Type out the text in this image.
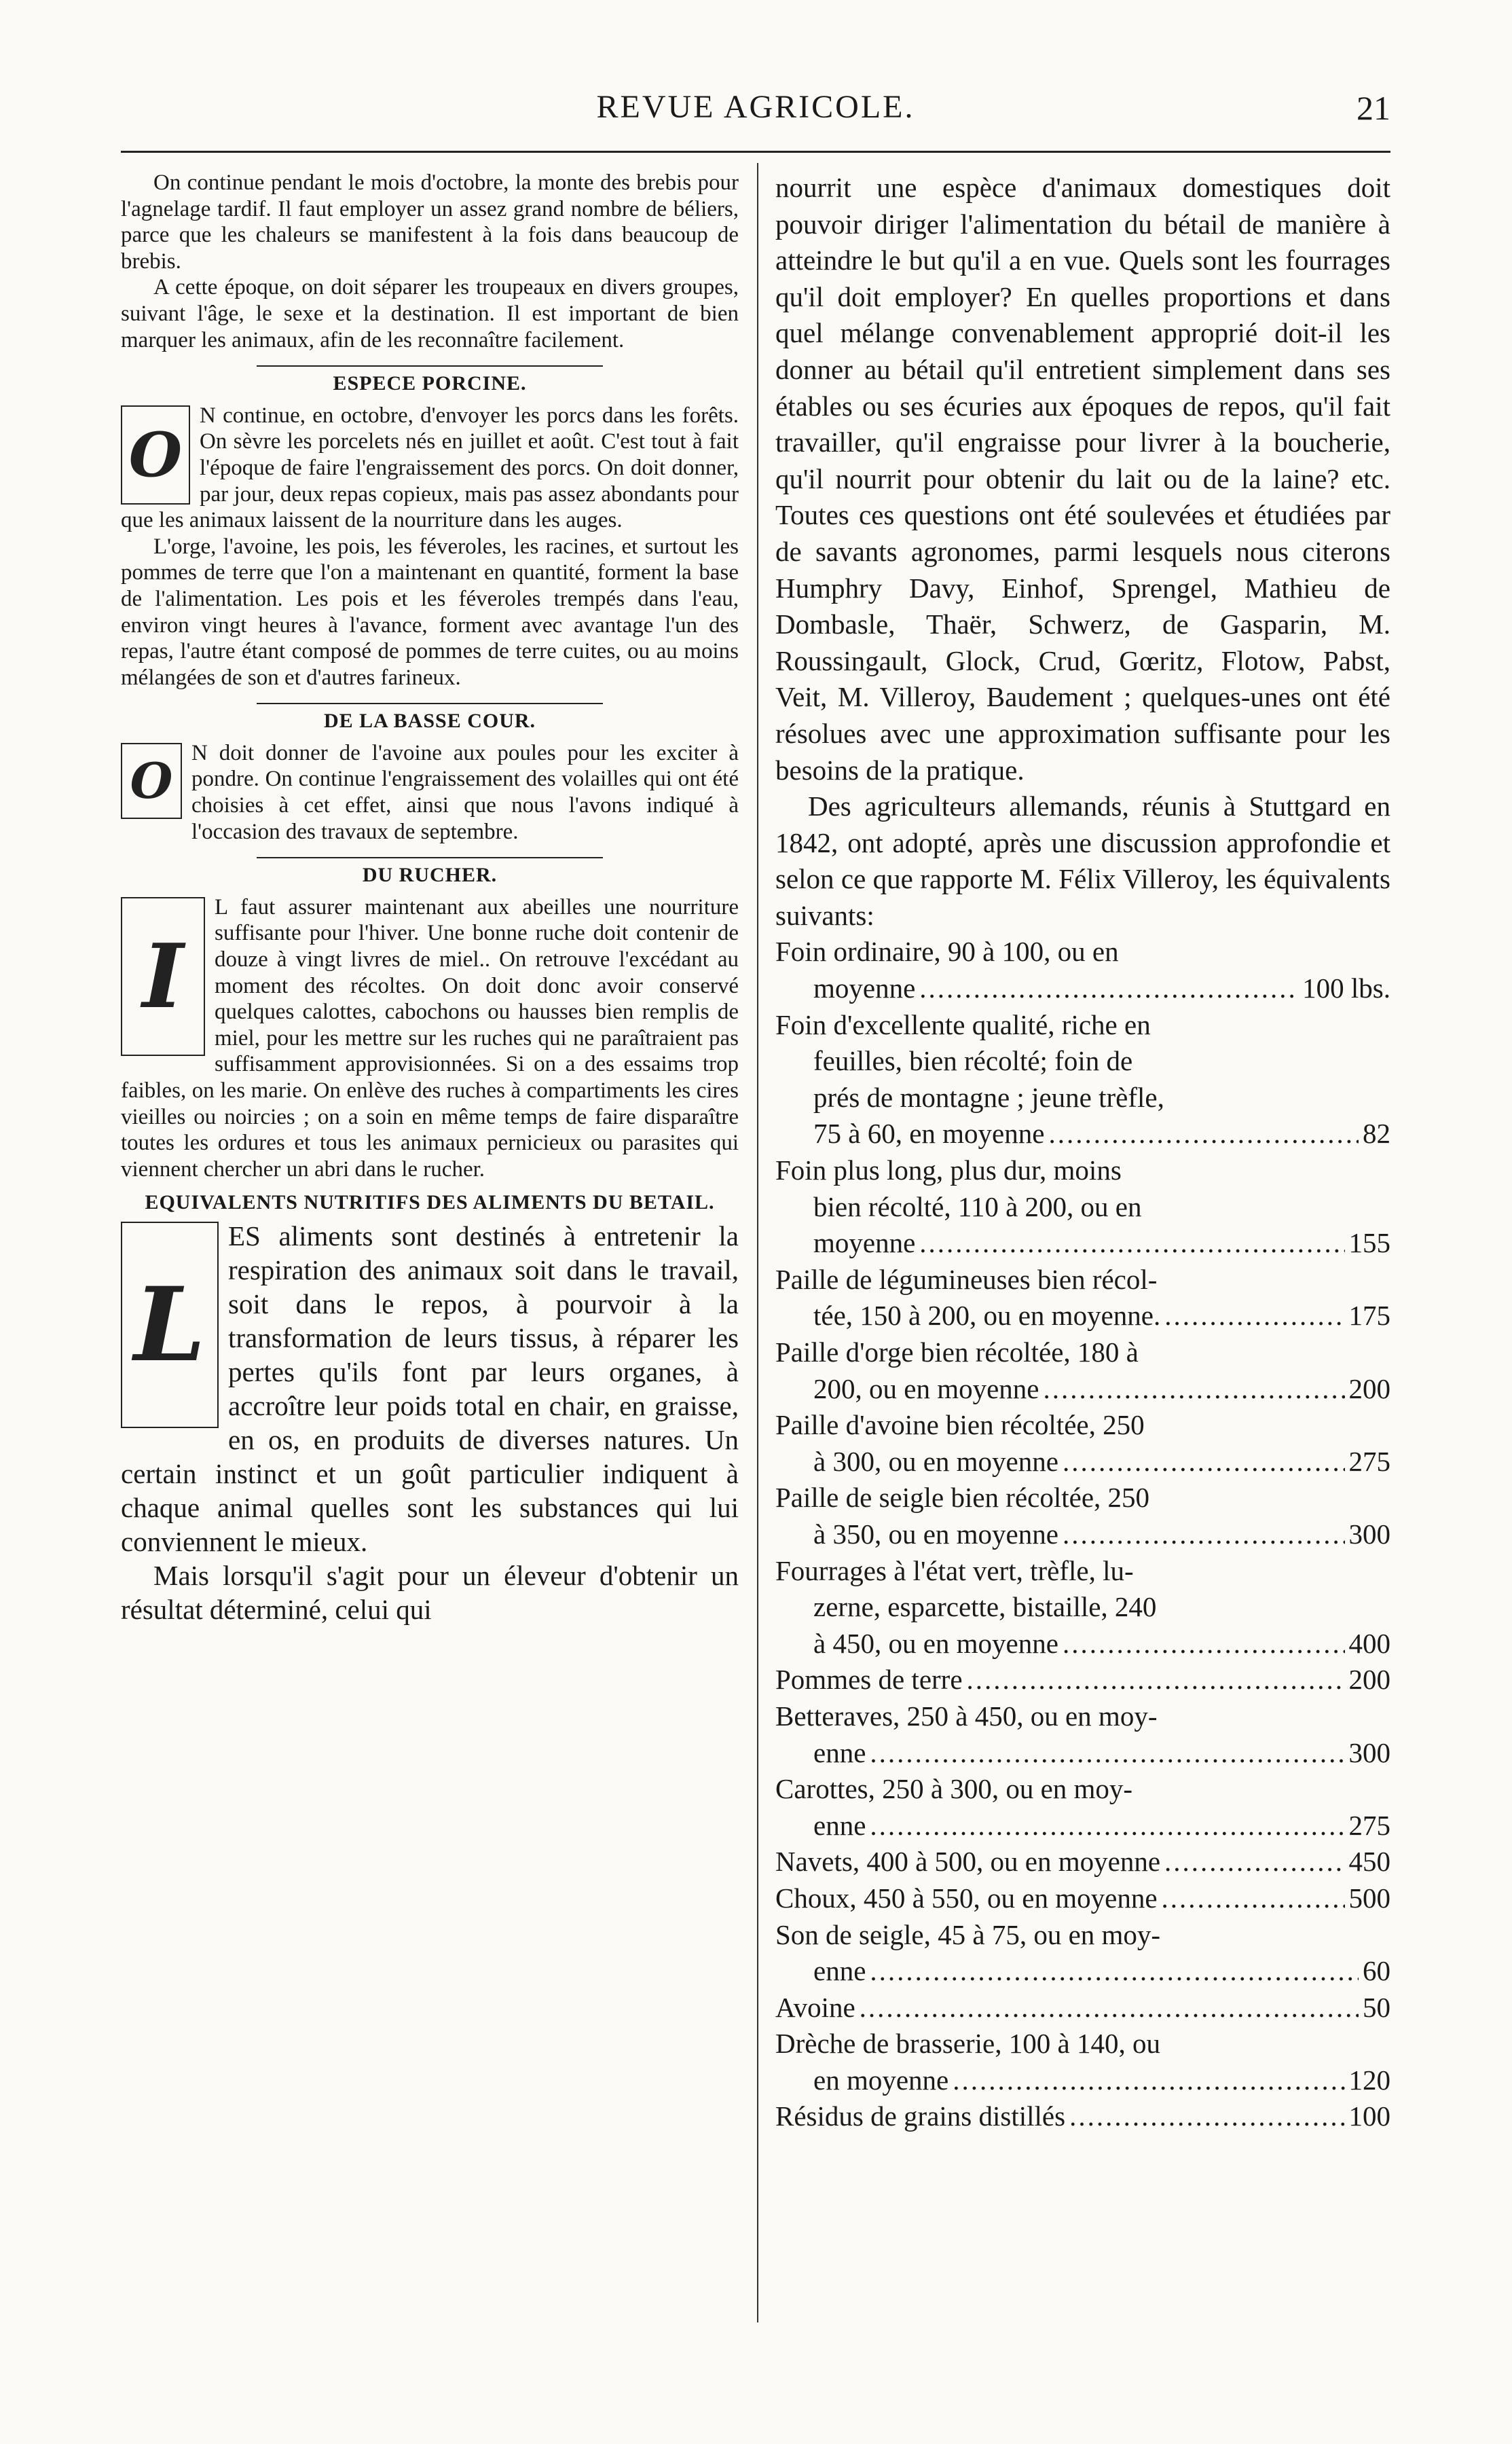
REVUE AGRICOLE.	21

On continue pendant le mois d'octobre, la monte des brebis pour l'agnelage tardif. Il faut employer un assez grand nombre de béliers, parce que les chaleurs se manifestent à la fois dans beaucoup de brebis.

A cette époque, on doit séparer les troupeaux en divers groupes, suivant l'âge, le sexe et la destination. Il est important de bien marquer les animaux, afin de les reconnaître facilement.

ESPECE PORCINE.

O
N continue, en octobre, d'envoyer les porcs dans les forêts. On sèvre les porcelets nés en juillet et août. C'est tout à fait l'époque de faire l'engraissement des porcs. On doit donner, par jour, deux repas copieux, mais pas assez abondants pour que les animaux laissent de la nourriture dans les auges.

L'orge, l'avoine, les pois, les féveroles, les racines, et surtout les pommes de terre que l'on a maintenant en quantité, forment la base de l'alimentation. Les pois et les féveroles trempés dans l'eau, environ vingt heures à l'avance, forment avec avantage l'un des repas, l'autre étant composé de pommes de terre cuites, ou au moins mélangées de son et d'autres farineux.

DE LA BASSE COUR.

O N doit donner de l'avoine aux poules pour les exciter à pondre. On continue l'engraissement des volailles qui ont été choisies à cet effet, ainsi que nous l'avons indiqué à l'occasion des travaux de septembre.

DU RUCHER.

I
L faut assurer maintenant aux abeilles une nourriture suffisante pour l'hiver. Une bonne ruche doit contenir de douze à vingt livres de miel.. On retrouve l'excédant au moment des récoltes. On doit donc avoir conservé quelques calottes, cabochons ou hausses bien remplis de miel, pour les mettre sur les ruches qui ne paraîtraient pas suffisamment approvisionnées. Si on a des essaims trop faibles, on les marie. On enlève des ruches à compartiments les cires vieilles ou noircies ; on a soin en même temps de faire disparaître toutes les ordures et tous les animaux pernicieux ou parasites qui viennent chercher un abri dans le rucher.

EQUIVALENTS NUTRITIFS DES ALIMENTS DU BETAIL.

L
ES aliments sont destinés à entretenir la respiration des animaux soit dans le travail, soit dans le repos, à pourvoir à la transformation de leurs tissus, à réparer les pertes qu'ils font par leurs organes, à accroître leur poids total en chair, en graisse, en os, en produits de diverses natures. Un certain instinct et un goût particulier indiquent à chaque animal quelles sont les substances qui lui conviennent le mieux.

Mais lorsqu'il s'agit pour un éleveur d'obtenir un résultat déterminé, celui qui

nourrit une espèce d'animaux domestiques doit pouvoir diriger l'alimentation du bétail de manière à atteindre le but qu'il a en vue. Quels sont les fourrages qu'il doit employer? En quelles proportions et dans quel mélange convenablement approprié doit-il les donner au bétail qu'il entretient simplement dans ses étables ou ses écuries aux époques de repos, qu'il fait travailler, qu'il engraisse pour livrer à la boucherie, qu'il nourrit pour obtenir du lait ou de la laine? etc. Toutes ces questions ont été soulevées et étudiées par de savants agronomes, parmi lesquels nous citerons Humphry Davy, Einhof, Sprengel, Mathieu de Dombasle, Thaër, Schwerz, de Gasparin, M. Roussingault, Glock, Crud, Gœritz, Flotow, Pabst, Veit, M. Villeroy, Baudement ; quelques-unes ont été résolues avec une approximation suffisante pour les besoins de la pratique.

Des agriculteurs allemands, réunis à Stuttgard en 1842, ont adopté, après une discussion approfondie et selon ce que rapporte M. Félix Villeroy, les équivalents suivants:

Foin ordinaire, 90 à 100, ou en
moyenne .....	100 lbs.
Foin d'excellente qualité, riche en
feuilles, bien récolté; foin de
prés de montagne ; jeune trèfle,
75 à 60, en moyenne .....	82
Foin plus long, plus dur, moins
bien récolté, 110 à 200, ou en
moyenne .....	155
Paille de légumineuses bien récol-
tée, 150 à 200, ou en moyenne. .....	175
Paille d'orge bien récoltée, 180 à
200, ou en moyenne .....	200
Paille d'avoine bien récoltée, 250
à 300, ou en moyenne .....	275
Paille de seigle bien récoltée, 250
à 350, ou en moyenne .....	300
Fourrages à l'état vert, trèfle, lu-
zerne, esparcette, bistaille, 240
à 450, ou en moyenne .....	400
Pommes de terre .....	200
Betteraves, 250 à 450, ou en moy-
enne .....	300
Carottes, 250 à 300, ou en moy-
enne .....	275
Navets, 400 à 500, ou en moyenne .....	450
Choux, 450 à 550, ou en moyenne .....	500
Son de seigle, 45 à 75, ou en moy-
enne .....	60
Avoine .....	50
Drèche de brasserie, 100 à 140, ou
en moyenne .....	120
Résidus de grains distillés .....	100
